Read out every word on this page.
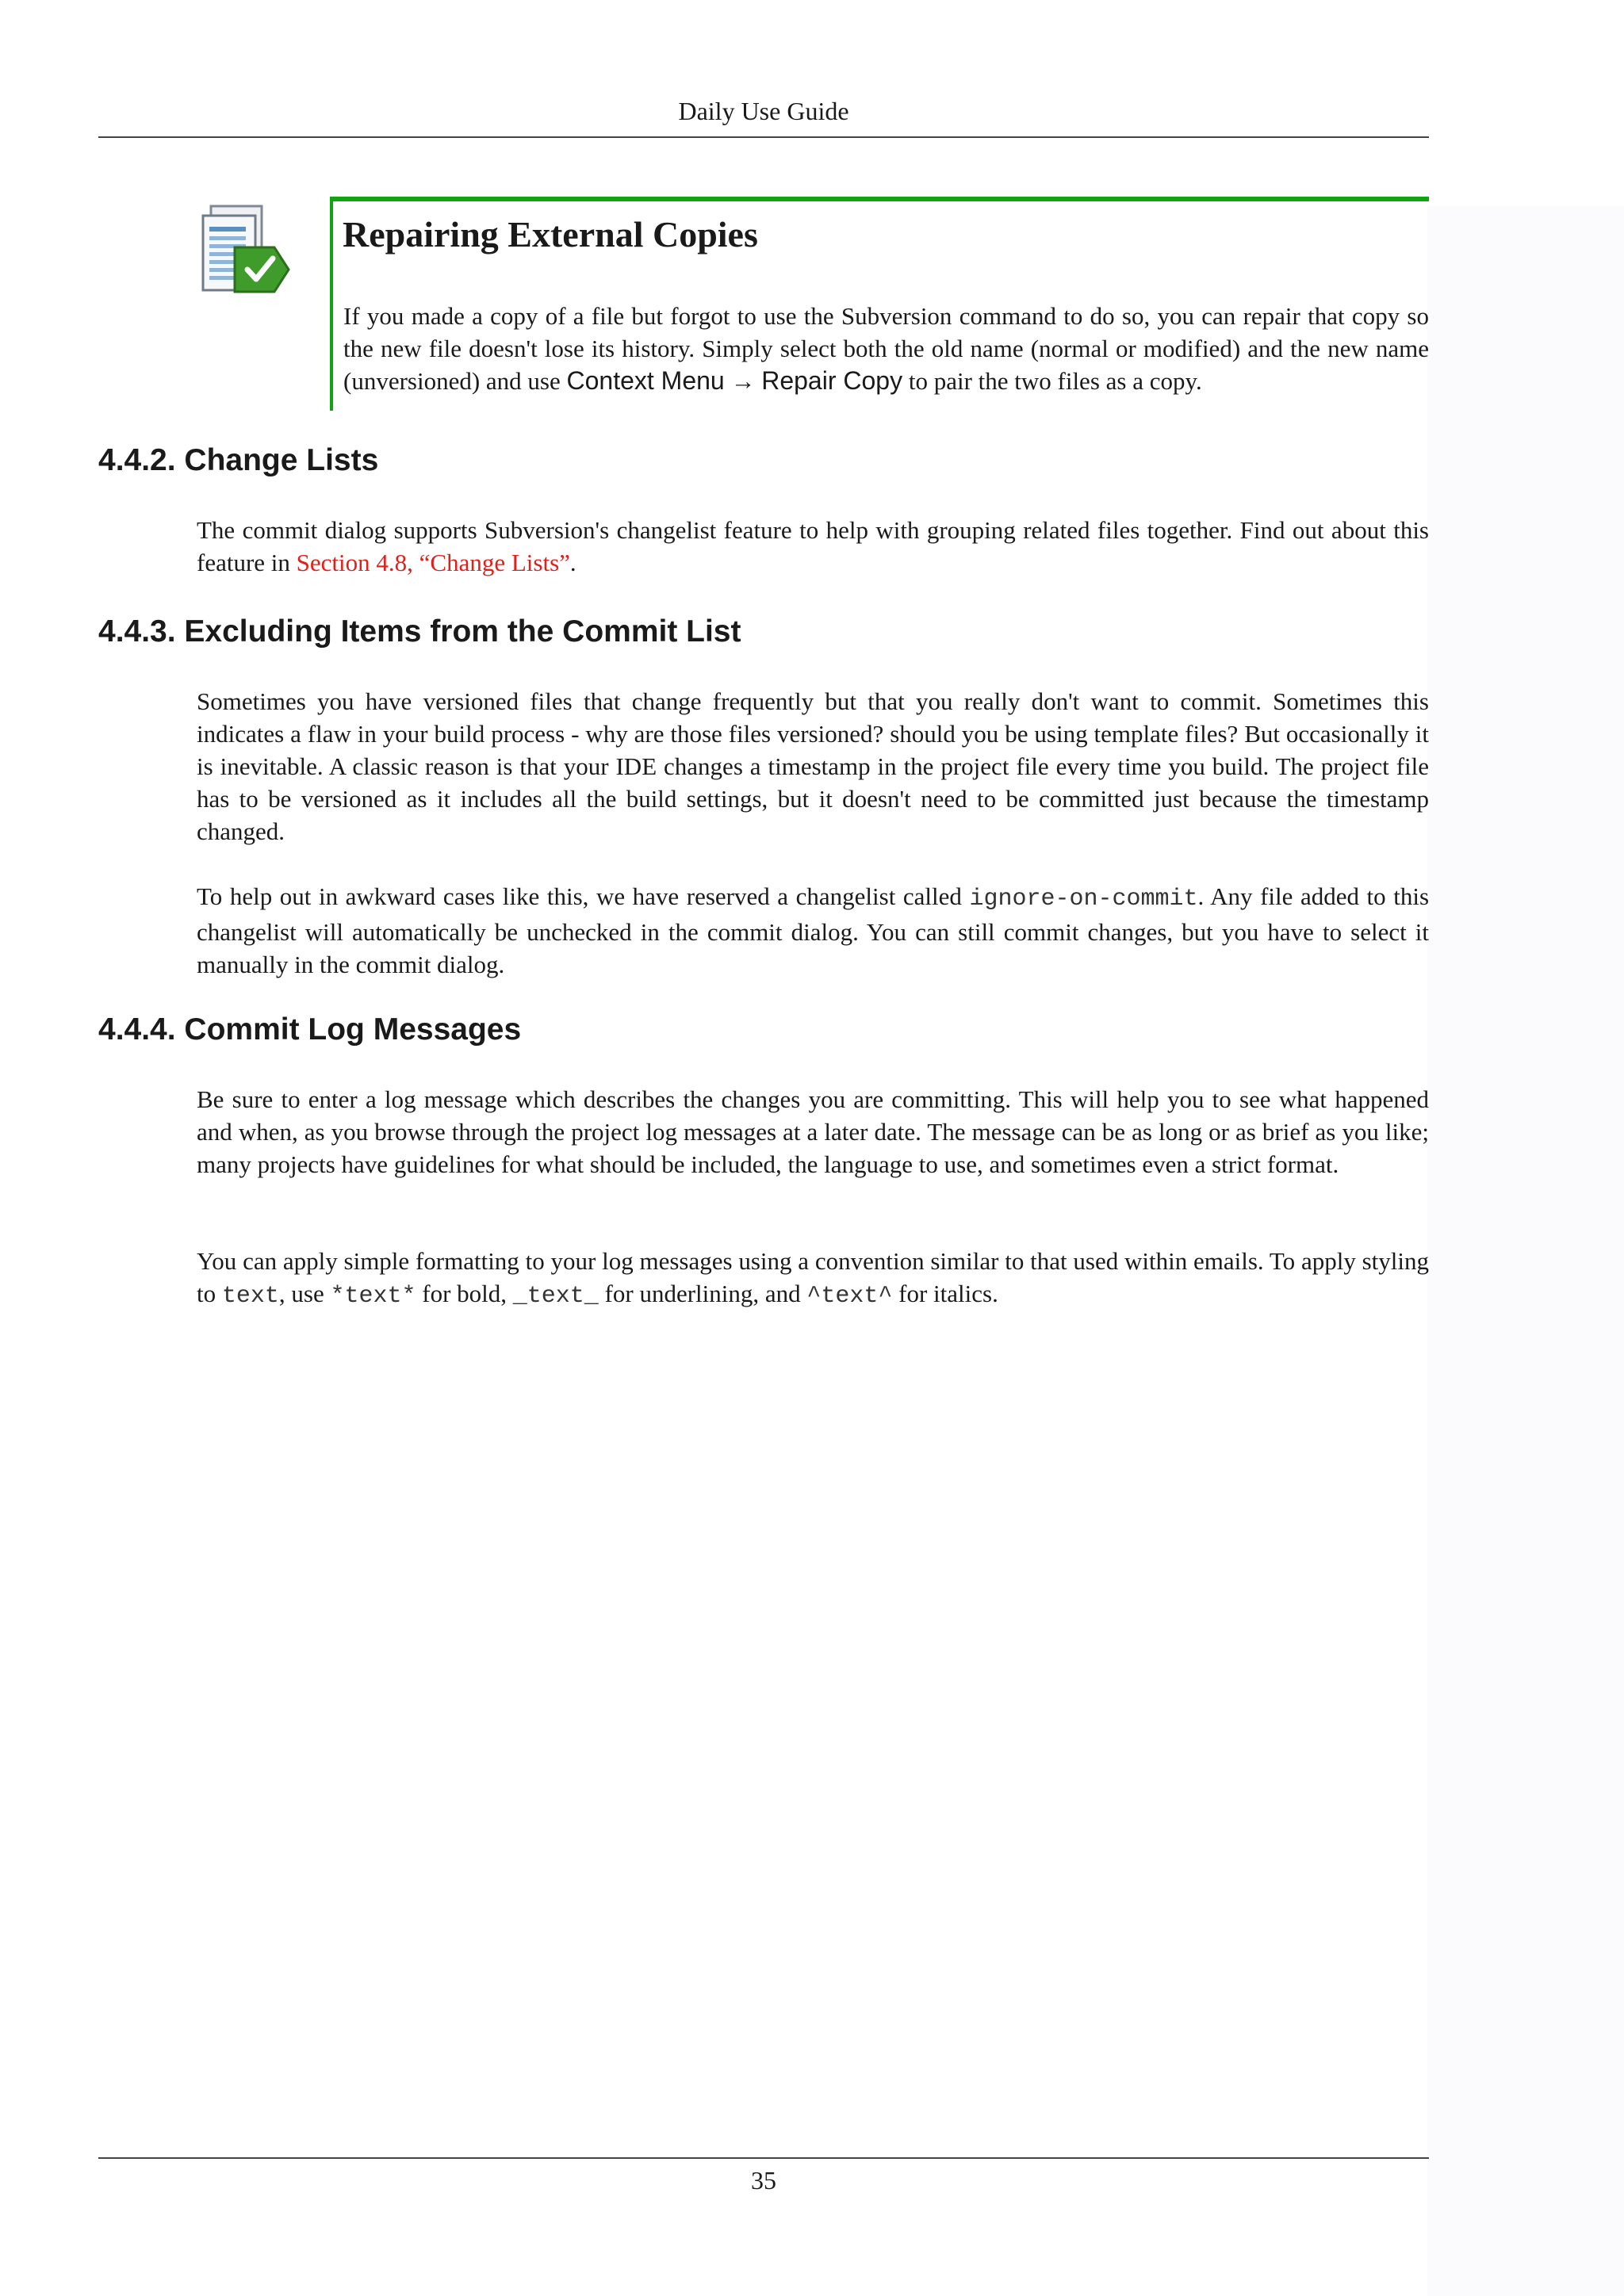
Daily Use Guide
Repairing External Copies
If you made a copy of a file but forgot to use the Subversion command to do so, you can repair that copy so the new file doesn't lose its history. Simply select both the old name (normal or modified) and the new name (unversioned) and use Context Menu → Repair Copy to pair the two files as a copy.
4.4.2. Change Lists
The commit dialog supports Subversion's changelist feature to help with grouping related files together. Find out about this feature in Section 4.8, “Change Lists”.
4.4.3. Excluding Items from the Commit List
Sometimes you have versioned files that change frequently but that you really don't want to commit. Sometimes this indicates a flaw in your build process - why are those files versioned? should you be using template files? But occasionally it is inevitable. A classic reason is that your IDE changes a timestamp in the project file every time you build. The project file has to be versioned as it includes all the build settings, but it doesn't need to be committed just because the timestamp changed.
To help out in awkward cases like this, we have reserved a changelist called ignore-on-commit. Any file added to this changelist will automatically be unchecked in the commit dialog. You can still commit changes, but you have to select it manually in the commit dialog.
4.4.4. Commit Log Messages
Be sure to enter a log message which describes the changes you are committing. This will help you to see what happened and when, as you browse through the project log messages at a later date. The message can be as long or as brief as you like; many projects have guidelines for what should be included, the language to use, and sometimes even a strict format.
You can apply simple formatting to your log messages using a convention similar to that used within emails. To apply styling to text, use *text* for bold, _text_ for underlining, and ^text^ for italics.
35
